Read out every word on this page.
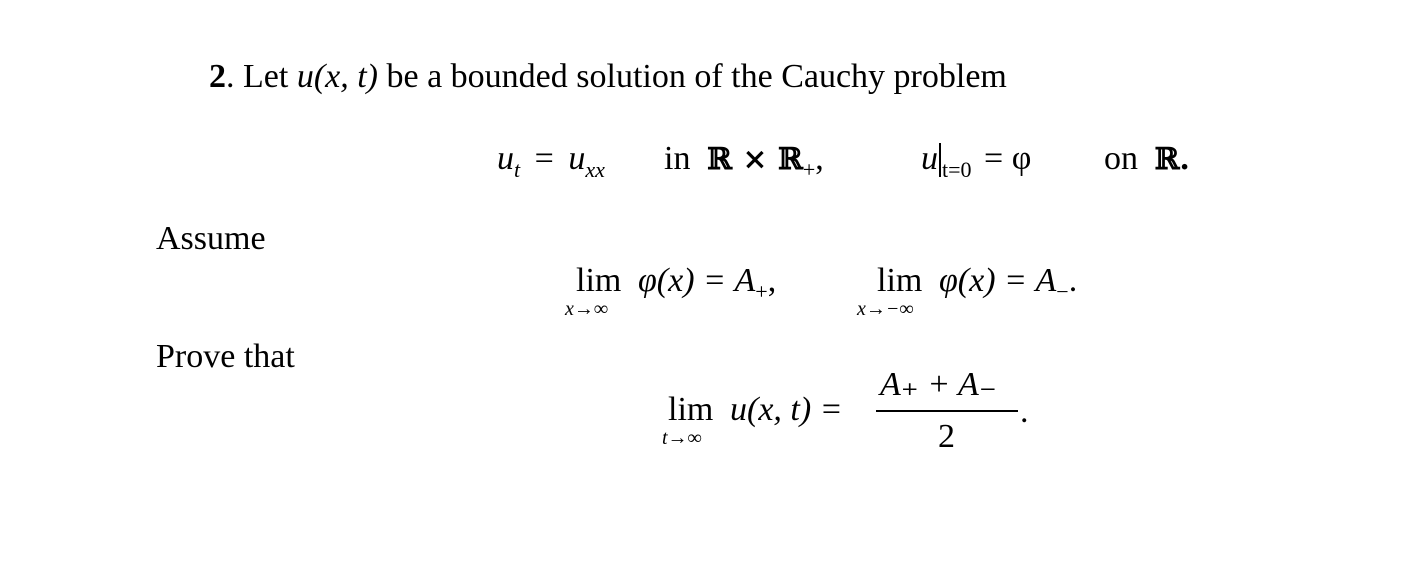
2. Let u(x, t) be a bounded solution of the Cauchy problem
$u_t = u_{xx}$ in ℝ × ℝ$_+$,	u $_{t=0}$ = φ on ℝ.
Assume
lim
x→∞
$\varphi(x) = A_+$,	lim
x→−∞
$\varphi(x) = A_-$.
Prove that
lim
t→∞
u(x, t) =
A₊ + A₋
2
.
